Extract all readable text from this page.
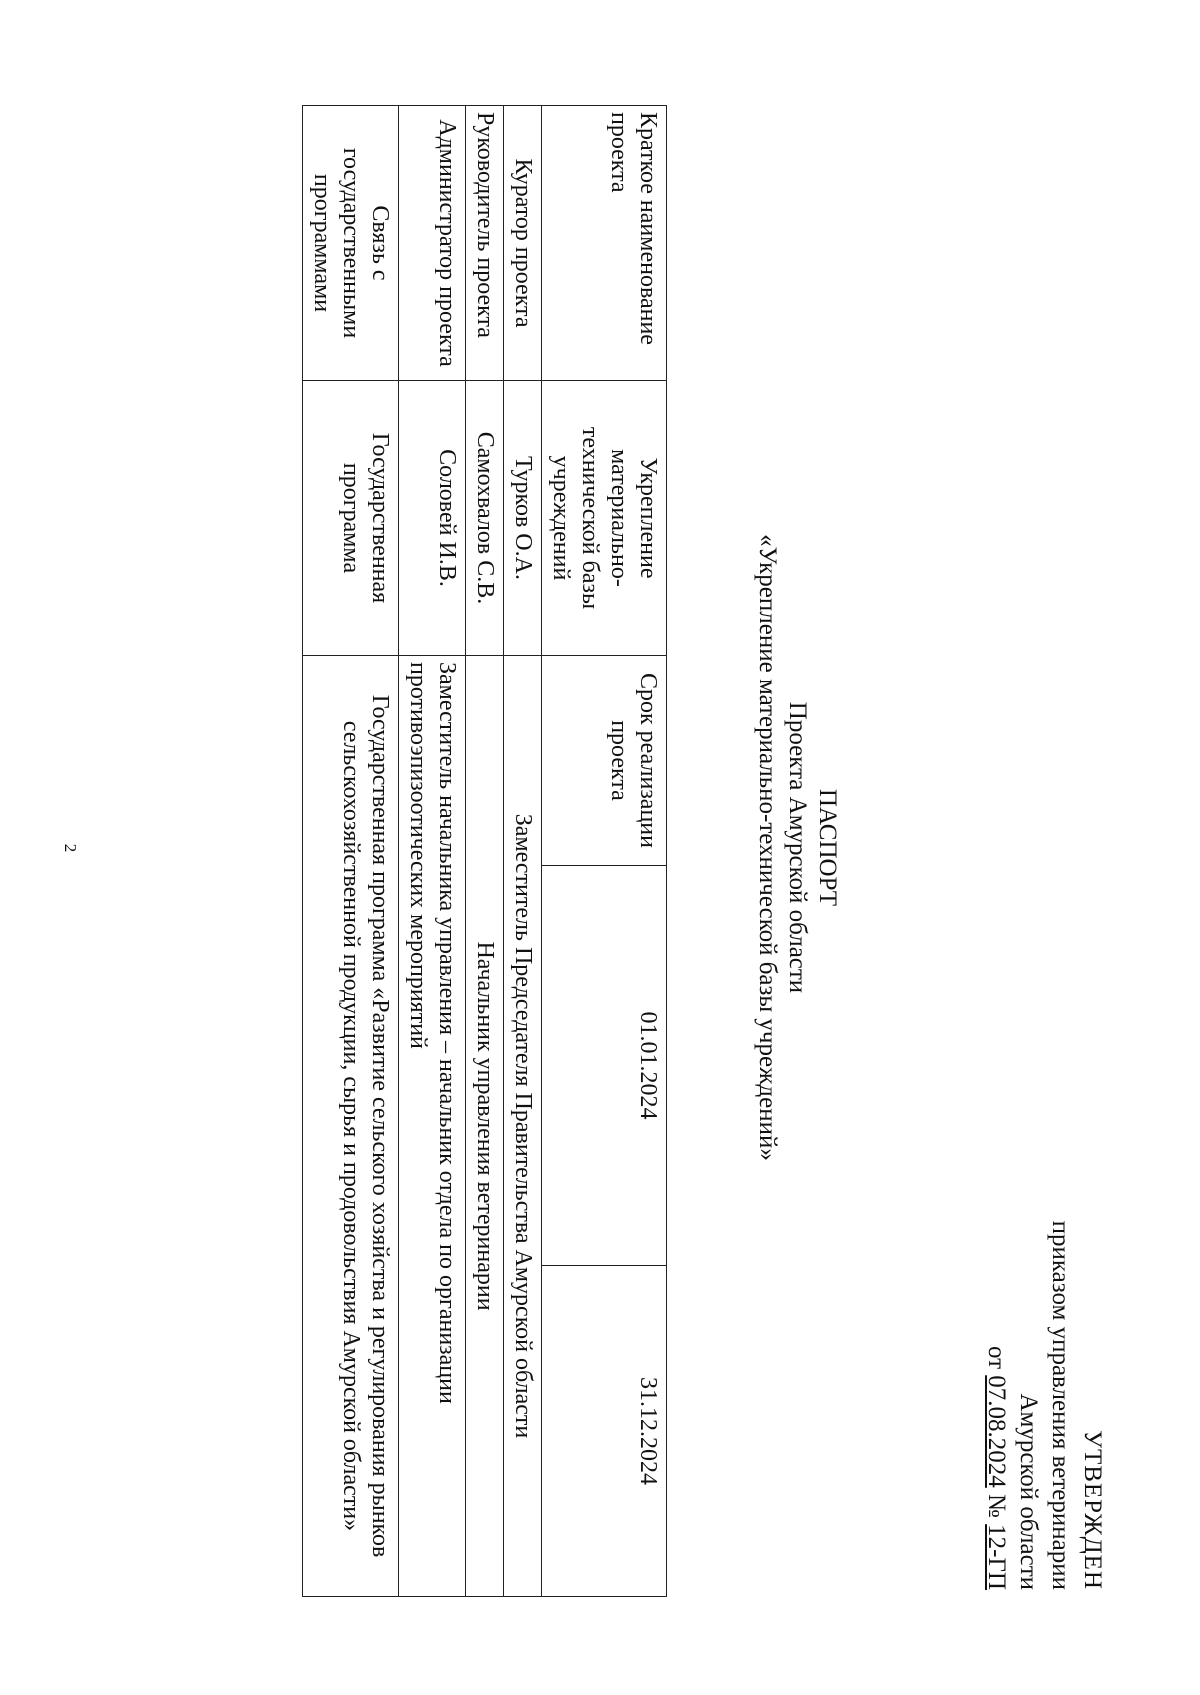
2
УТВЕРЖДЕН
приказом управления ветеринарии
Амурской области
от 07.08.2024 № 12-ГП
ПАСПОРТ
Проекта Амурской области
«Укрепление материально-технической базы учреждений»
Краткое наименование проекта	Укрепление материально-технической базы учреждений	Срок реализации проекта	01.01.2024	31.12.2024
Куратор проекта	Турков О.А.	Заместитель Председателя Правительства Амурской области		
Руководитель проекта	Самохвалов С.В.	Начальник управления ветеринарии		
Администратор проекта	Соловей И.В.	Заместитель начальника управления – начальник отдела по организации противоэпизоотических мероприятий		
Связь с государственными программами	Государственная программа	Государственная программа «Развитие сельского хозяйства и регулирования рынков сельскохозяйственной продукции, сырья и продовольствия Амурской области»		
